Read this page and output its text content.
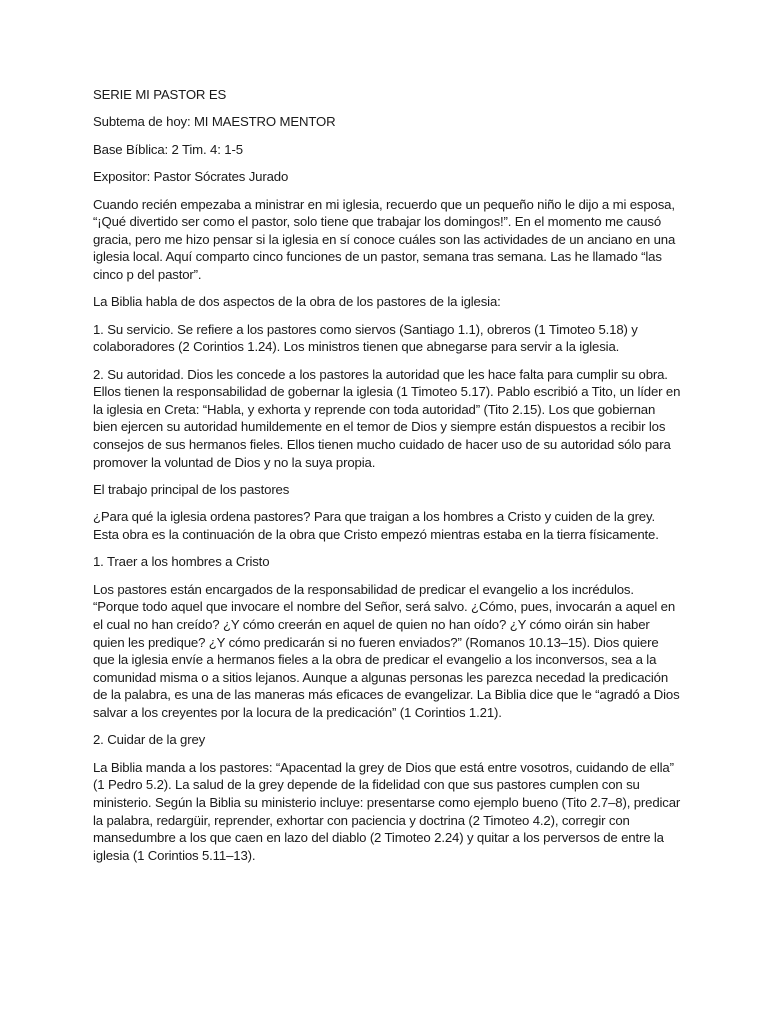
SERIE MI PASTOR ES

Subtema de hoy: MI MAESTRO MENTOR

Base Bíblica: 2 Tim. 4: 1-5

Expositor: Pastor Sócrates Jurado

Cuando recién empezaba a ministrar en mi iglesia, recuerdo que un pequeño niño le dijo a mi esposa, “¡Qué divertido ser como el pastor, solo tiene que trabajar los domingos!”. En el momento me causó gracia, pero me hizo pensar si la iglesia en sí conoce cuáles son las actividades de un anciano en una iglesia local. Aquí comparto cinco funciones de un pastor, semana tras semana. Las he llamado “las cinco p del pastor”.

La Biblia habla de dos aspectos de la obra de los pastores de la iglesia:

1. Su servicio. Se refiere a los pastores como siervos (Santiago 1.1), obreros (1 Timoteo 5.18) y colaboradores (2 Corintios 1.24). Los ministros tienen que abnegarse para servir a la iglesia.

2. Su autoridad. Dios les concede a los pastores la autoridad que les hace falta para cumplir su obra. Ellos tienen la responsabilidad de gobernar la iglesia (1 Timoteo 5.17). Pablo escribió a Tito, un líder en la iglesia en Creta: “Habla, y exhorta y reprende con toda autoridad” (Tito 2.15). Los que gobiernan bien ejercen su autoridad humildemente en el temor de Dios y siempre están dispuestos a recibir los consejos de sus hermanos fieles. Ellos tienen mucho cuidado de hacer uso de su autoridad sólo para promover la voluntad de Dios y no la suya propia.

El trabajo principal de los pastores

¿Para qué la iglesia ordena pastores? Para que traigan a los hombres a Cristo y cuiden de la grey. Esta obra es la continuación de la obra que Cristo empezó mientras estaba en la tierra físicamente.

1. Traer a los hombres a Cristo

Los pastores están encargados de la responsabilidad de predicar el evangelio a los incrédulos. “Porque todo aquel que invocare el nombre del Señor, será salvo. ¿Cómo, pues, invocarán a aquel en el cual no han creído? ¿Y cómo creerán en aquel de quien no han oído? ¿Y cómo oirán sin haber quien les predique? ¿Y cómo predicarán si no fueren enviados?” (Romanos 10.13–15). Dios quiere que la iglesia envíe a hermanos fieles a la obra de predicar el evangelio a los inconversos, sea a la comunidad misma o a sitios lejanos. Aunque a algunas personas les parezca necedad la predicación de la palabra, es una de las maneras más eficaces de evangelizar. La Biblia dice que le “agradó a Dios salvar a los creyentes por la locura de la predicación” (1 Corintios 1.21).

2. Cuidar de la grey

La Biblia manda a los pastores: “Apacentad la grey de Dios que está entre vosotros, cuidando de ella” (1 Pedro 5.2). La salud de la grey depende de la fidelidad con que sus pastores cumplen con su ministerio. Según la Biblia su ministerio incluye: presentarse como ejemplo bueno (Tito 2.7–8), predicar la palabra, redargüir, reprender, exhortar con paciencia y doctrina (2 Timoteo 4.2), corregir con mansedumbre a los que caen en lazo del diablo (2 Timoteo 2.24) y quitar a los perversos de entre la iglesia (1 Corintios 5.11–13).
